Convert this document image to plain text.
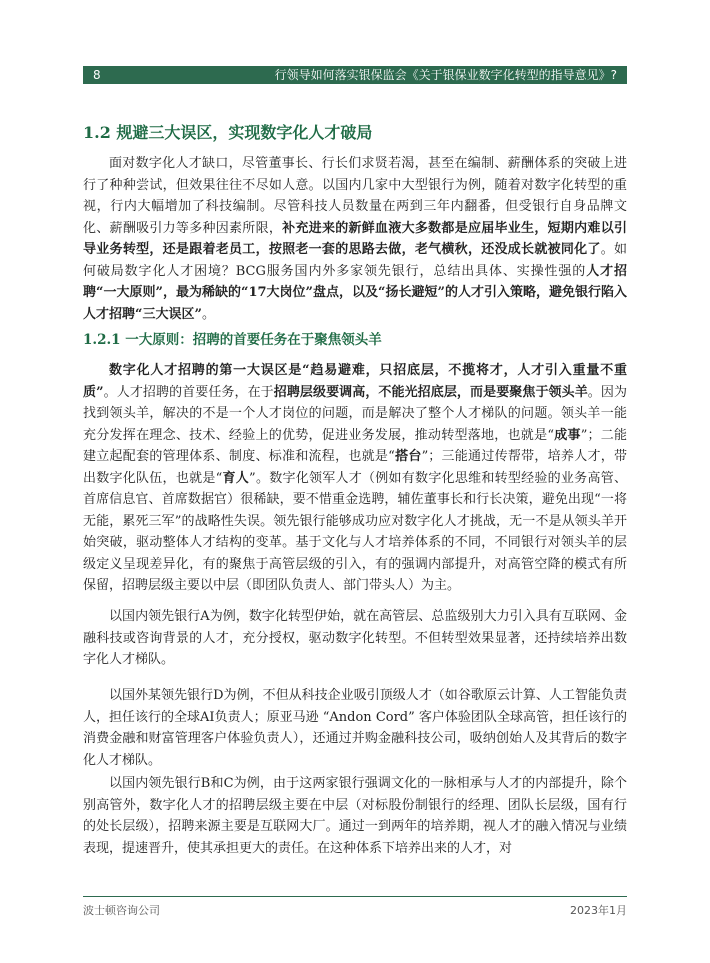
8	行领导如何落实银保监会《关于银保业数字化转型的指导意见》?
1.2 规避三大误区，实现数字化人才破局

面对数字化人才缺口，尽管董事长、行长们求贤若渴，甚至在编制、薪酬体系的突破上进行了种种尝试，但效果往往不尽如人意。以国内几家中大型银行为例，随着对数字化转型的重视，行内大幅增加了科技编制。尽管科技人员数量在两到三年内翻番，但受银行自身品牌文化、薪酬吸引力等多种因素所限，补充进来的新鲜血液大多数都是应届毕业生，短期内难以引导业务转型，还是跟着老员工，按照老一套的思路去做，老气横秋，还没成长就被同化了。如何破局数字化人才困境？BCG服务国内外多家领先银行，总结出具体、实操性强的人才招聘“一大原则”，最为稀缺的“17大岗位”盘点，以及“扬长避短”的人才引入策略，避免银行陷入人才招聘“三大误区”。

1.2.1 一大原则：招聘的首要任务在于聚焦领头羊

数字化人才招聘的第一大误区是“趋易避难，只招底层，不揽将才，人才引入重量不重质”。人才招聘的首要任务，在于招聘层级要调高，不能光招底层，而是要聚焦于领头羊。因为找到领头羊，解决的不是一个人才岗位的问题，而是解决了整个人才梯队的问题。领头羊一能充分发挥在理念、技术、经验上的优势，促进业务发展，推动转型落地，也就是“成事”；二能建立起配套的管理体系、制度、标准和流程，也就是“搭台”；三能通过传帮带，培养人才，带出数字化队伍，也就是“育人”。数字化领军人才（例如有数字化思维和转型经验的业务高管、首席信息官、首席数据官）很稀缺，要不惜重金选聘，辅佐董事长和行长决策，避免出现“一将无能，累死三军”的战略性失误。领先银行能够成功应对数字化人才挑战，无一不是从领头羊开始突破，驱动整体人才结构的变革。基于文化与人才培养体系的不同，不同银行对领头羊的层级定义呈现差异化，有的聚焦于高管层级的引入，有的强调内部提升，对高管空降的模式有所保留，招聘层级主要以中层（即团队负责人、部门带头人）为主。

以国内领先银行A为例，数字化转型伊始，就在高管层、总监级别大力引入具有互联网、金融科技或咨询背景的人才，充分授权，驱动数字化转型。不但转型效果显著，还持续培养出数字化人才梯队。

以国外某领先银行D为例，不但从科技企业吸引顶级人才（如谷歌原云计算、人工智能负责人，担任该行的全球AI负责人；原亚马逊 “Andon Cord” 客户体验团队全球高管，担任该行的消费金融和财富管理客户体验负责人），还通过并购金融科技公司，吸纳创始人及其背后的数字化人才梯队。

以国内领先银行B和C为例，由于这两家银行强调文化的一脉相承与人才的内部提升，除个别高管外，数字化人才的招聘层级主要在中层（对标股份制银行的经理、团队长层级，国有行的处长层级），招聘来源主要是互联网大厂。通过一到两年的培养期，视人才的融入情况与业绩表现，提速晋升，使其承担更大的责任。在这种体系下培养出来的人才，对

波士顿咨询公司	2023年1月
